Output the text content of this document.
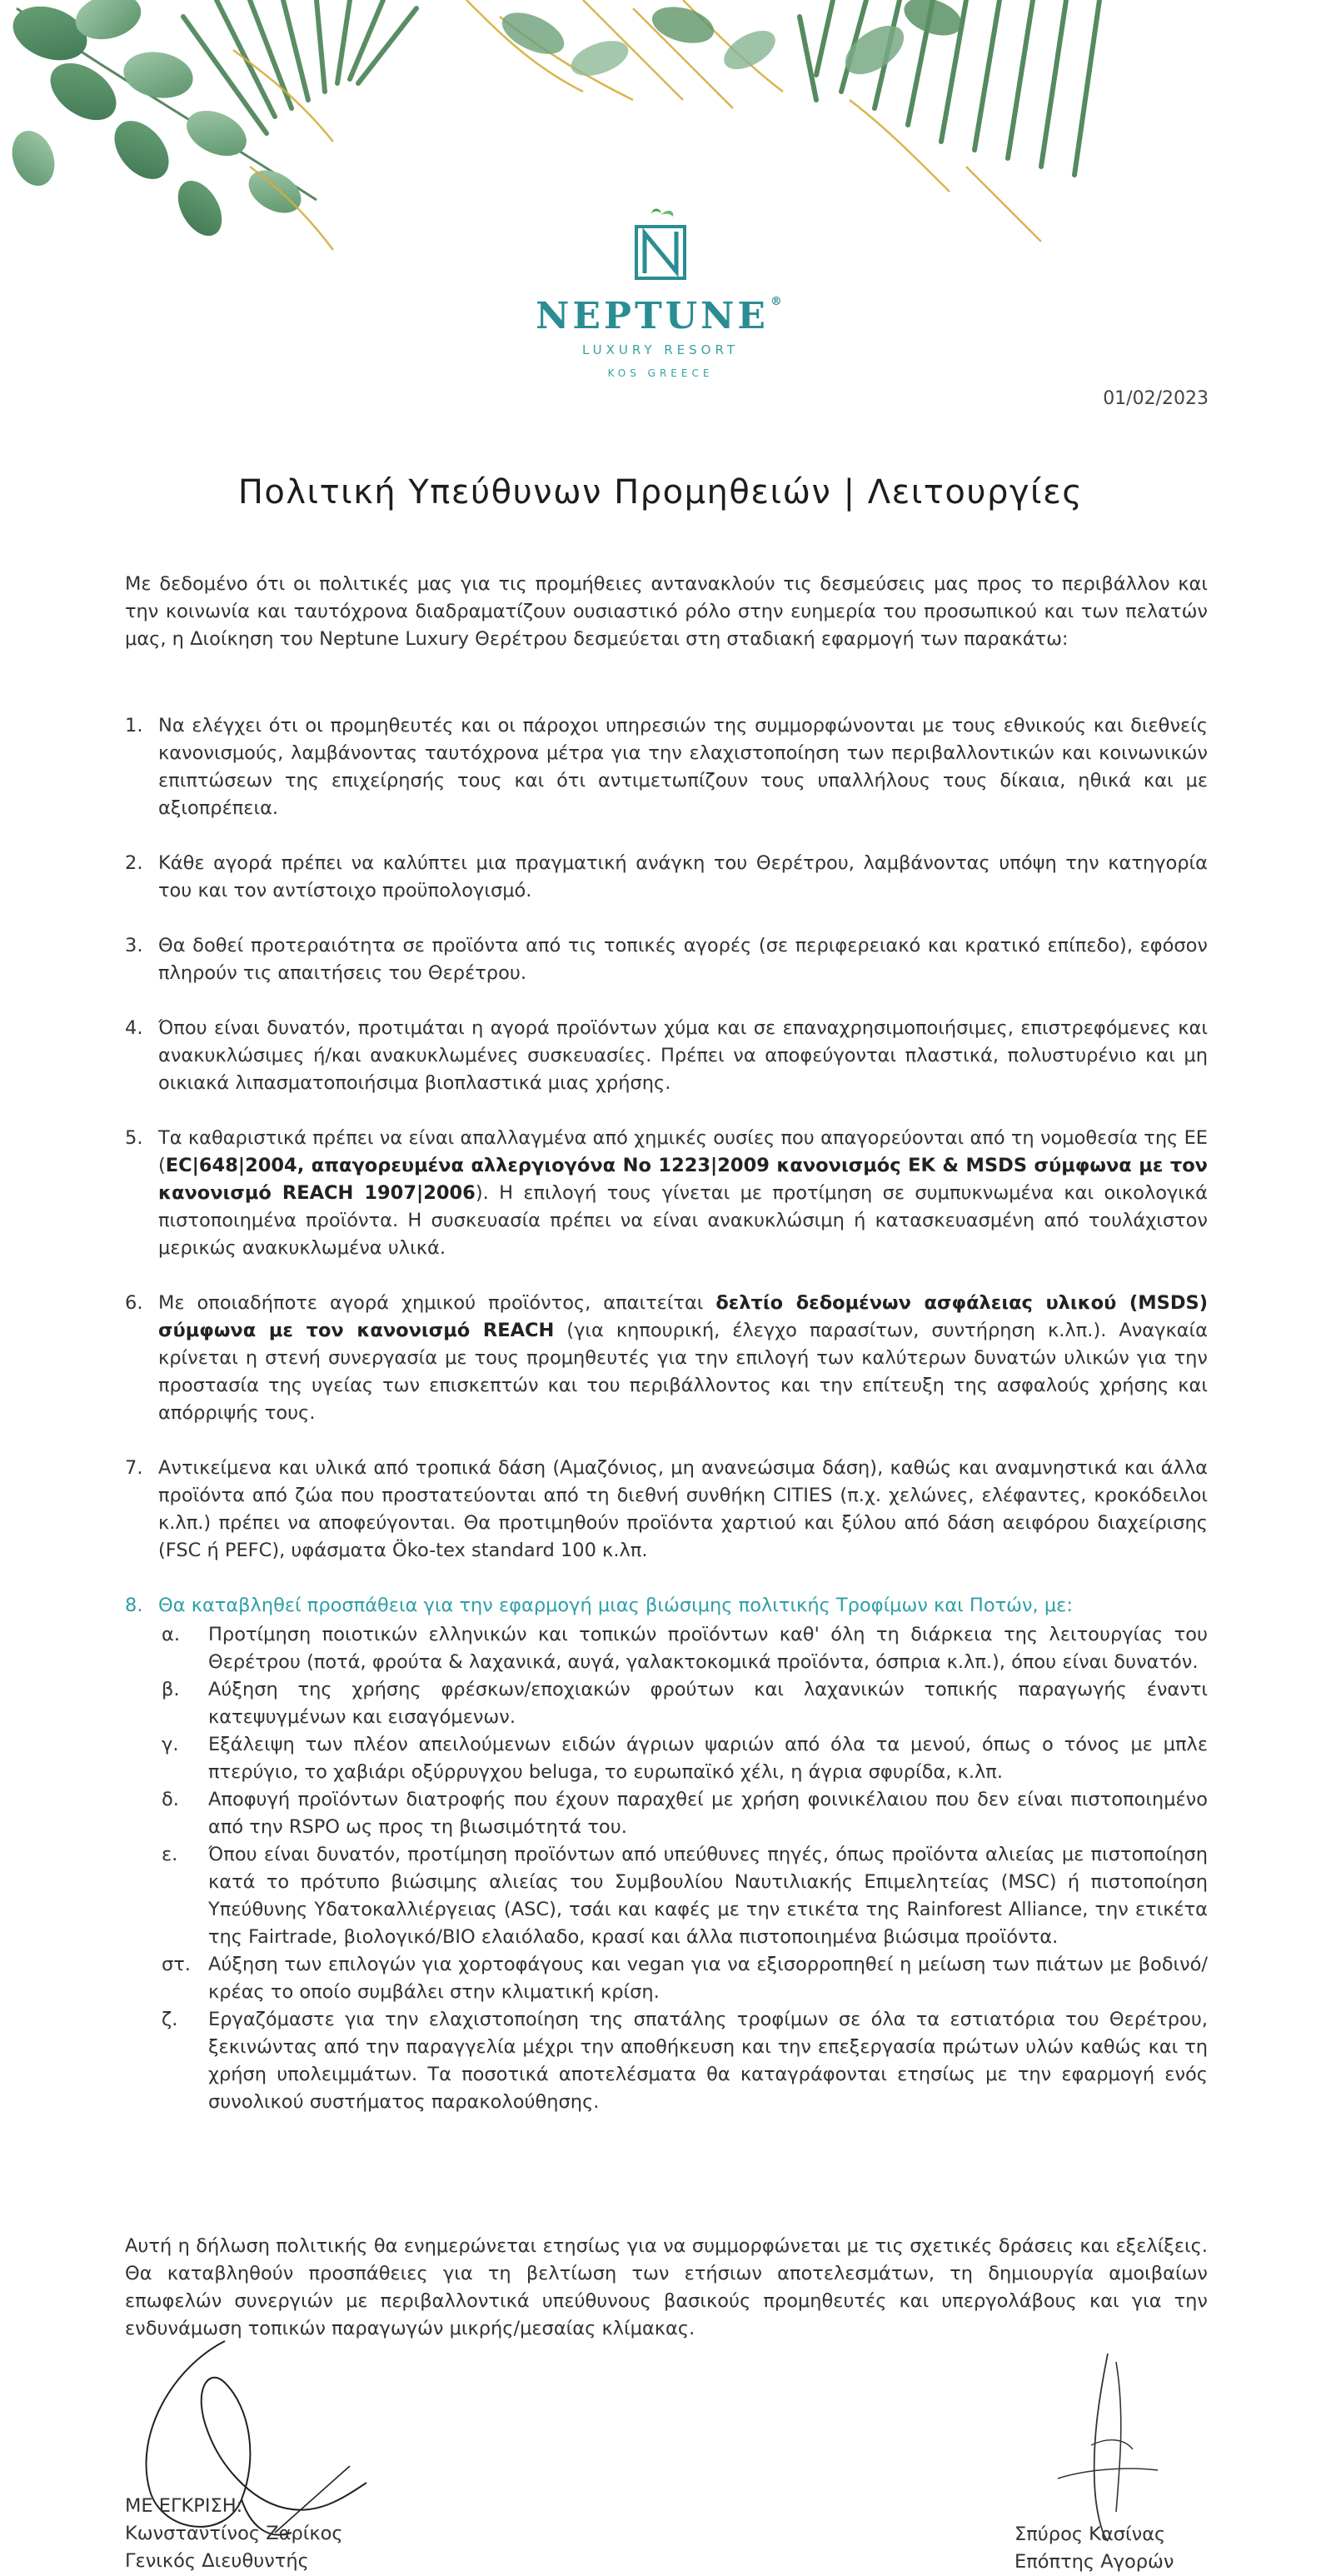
NEPTUNE ®
LUXURY RESORT
KOS GREECE
01/02/2023
Πολιτική Υπεύθυνων Προμηθειών | Λειτουργίες
Με δεδομένο ότι οι πολιτικές μας για τις προμήθειες αντανακλούν τις δεσμεύσεις μας προς το περιβάλλον και την κοινωνία και ταυτόχρονα διαδραματίζουν ουσιαστικό ρόλο στην ευημερία του προσωπικού και των πελατών μας, η Διοίκηση του Neptune Luxury Θερέτρου δεσμεύεται στη σταδιακή εφαρμογή των παρακάτω:
1. Να ελέγχει ότι οι προμηθευτές και οι πάροχοι υπηρεσιών της συμμορφώνονται με τους εθνικούς και διεθνείς κανονισμούς, λαμβάνοντας ταυτόχρονα μέτρα για την ελαχιστοποίηση των περιβαλλοντικών και κοινωνικών επιπτώσεων της επιχείρησής τους και ότι αντιμετωπίζουν τους υπαλλήλους τους δίκαια, ηθικά και με αξιοπρέπεια.
2. Κάθε αγορά πρέπει να καλύπτει μια πραγματική ανάγκη του Θερέτρου, λαμβάνοντας υπόψη την κατηγορία του και τον αντίστοιχο προϋπολογισμό.
3. Θα δοθεί προτεραιότητα σε προϊόντα από τις τοπικές αγορές (σε περιφερειακό και κρατικό επίπεδο), εφόσον πληρούν τις απαιτήσεις του Θερέτρου.
4. Όπου είναι δυνατόν, προτιμάται η αγορά προϊόντων χύμα και σε επαναχρησιμοποιήσιμες, επιστρεφόμενες και ανακυκλώσιμες ή/και ανακυκλωμένες συσκευασίες. Πρέπει να αποφεύγονται πλαστικά, πολυστυρένιο και μη οικιακά λιπασματοποιήσιμα βιοπλαστικά μιας χρήσης.
5. Τα καθαριστικά πρέπει να είναι απαλλαγμένα από χημικές ουσίες που απαγορεύονται από τη νομοθεσία της ΕΕ (EC|648|2004, απαγορευμένα αλλεργιογόνα Νο 1223|2009 κανονισμός ΕΚ & MSDS σύμφωνα με τον κανονισμό REACH 1907|2006). Η επιλογή τους γίνεται με προτίμηση σε συμπυκνωμένα και οικολογικά πιστοποιημένα προϊόντα. Η συσκευασία πρέπει να είναι ανακυκλώσιμη ή κατασκευασμένη από τουλάχιστον μερικώς ανακυκλωμένα υλικά.
6. Με οποιαδήποτε αγορά χημικού προϊόντος, απαιτείται δελτίο δεδομένων ασφάλειας υλικού (MSDS) σύμφωνα με τον κανονισμό REACH (για κηπουρική, έλεγχο παρασίτων, συντήρηση κ.λπ.). Αναγκαία κρίνεται η στενή συνεργασία με τους προμηθευτές για την επιλογή των καλύτερων δυνατών υλικών για την προστασία της υγείας των επισκεπτών και του περιβάλλοντος και την επίτευξη της ασφαλούς χρήσης και απόρριψής τους.
7. Αντικείμενα και υλικά από τροπικά δάση (Αμαζόνιος, μη ανανεώσιμα δάση), καθώς και αναμνηστικά και άλλα προϊόντα από ζώα που προστατεύονται από τη διεθνή συνθήκη CITIES (π.χ. χελώνες, ελέφαντες, κροκόδειλοι κ.λπ.) πρέπει να αποφεύγονται. Θα προτιμηθούν προϊόντα χαρτιού και ξύλου από δάση αειφόρου διαχείρισης (FSC ή PEFC), υφάσματα Öko-tex standard 100 κ.λπ.
8. Θα καταβληθεί προσπάθεια για την εφαρμογή μιας βιώσιμης πολιτικής Τροφίμων και Ποτών, με:
α.	Προτίμηση ποιοτικών ελληνικών και τοπικών προϊόντων καθ' όλη τη διάρκεια της λειτουργίας του Θερέτρου (ποτά, φρούτα & λαχανικά, αυγά, γαλακτοκομικά προϊόντα, όσπρια κ.λπ.), όπου είναι δυνατόν.
β.	Αύξηση της χρήσης φρέσκων/εποχιακών φρούτων και λαχανικών τοπικής παραγωγής έναντι κατεψυγμένων και εισαγόμενων.
γ.	Εξάλειψη των πλέον απειλούμενων ειδών άγριων ψαριών από όλα τα μενού, όπως ο τόνος με μπλε πτερύγιο, το χαβιάρι οξύρρυγχου beluga, το ευρωπαϊκό χέλι, η άγρια σφυρίδα, κ.λπ.
δ.	Αποφυγή προϊόντων διατροφής που έχουν παραχθεί με χρήση φοινικέλαιου που δεν είναι πιστοποιημένο από την RSPO ως προς τη βιωσιμότητά του.
ε.	Όπου είναι δυνατόν, προτίμηση προϊόντων από υπεύθυνες πηγές, όπως προϊόντα αλιείας με πιστοποίηση κατά το πρότυπο βιώσιμης αλιείας του Συμβουλίου Ναυτιλιακής Επιμελητείας (MSC) ή πιστοποίηση Υπεύθυνης Υδατοκαλλιέργειας (ASC), τσάι και καφές με την ετικέτα της Rainforest Alliance, την ετικέτα της Fairtrade, βιολογικό/BIO ελαιόλαδο, κρασί και άλλα πιστοποιημένα βιώσιμα προϊόντα.
στ. Αύξηση των επιλογών για χορτοφάγους και vegan για να εξισορροπηθεί η μείωση των πιάτων με βοδινό/κρέας το οποίο συμβάλει στην κλιματική κρίση.
ζ.	Εργαζόμαστε για την ελαχιστοποίηση της σπατάλης τροφίμων σε όλα τα εστιατόρια του Θερέτρου, ξεκινώντας από την παραγγελία μέχρι την αποθήκευση και την επεξεργασία πρώτων υλών καθώς και τη χρήση υπολειμμάτων. Τα ποσοτικά αποτελέσματα θα καταγράφονται ετησίως με την εφαρμογή ενός συνολικού συστήματος παρακολούθησης.
Αυτή η δήλωση πολιτικής θα ενημερώνεται ετησίως για να συμμορφώνεται με τις σχετικές δράσεις και εξελίξεις. Θα καταβληθούν προσπάθειες για τη βελτίωση των ετήσιων αποτελεσμάτων, τη δημιουργία αμοιβαίων επωφελών συνεργιών με περιβαλλοντικά υπεύθυνους βασικούς προμηθευτές και υπεργολάβους και για την ενδυνάμωση τοπικών παραγωγών μικρής/μεσαίας κλίμακας.
ΜΕ ΕΓΚΡΙΣΗ:
Κωνσταντίνος Ζαρίκος
Γενικός Διευθυντής
Σπύρος Κασίνας
Επόπτης Αγορών
